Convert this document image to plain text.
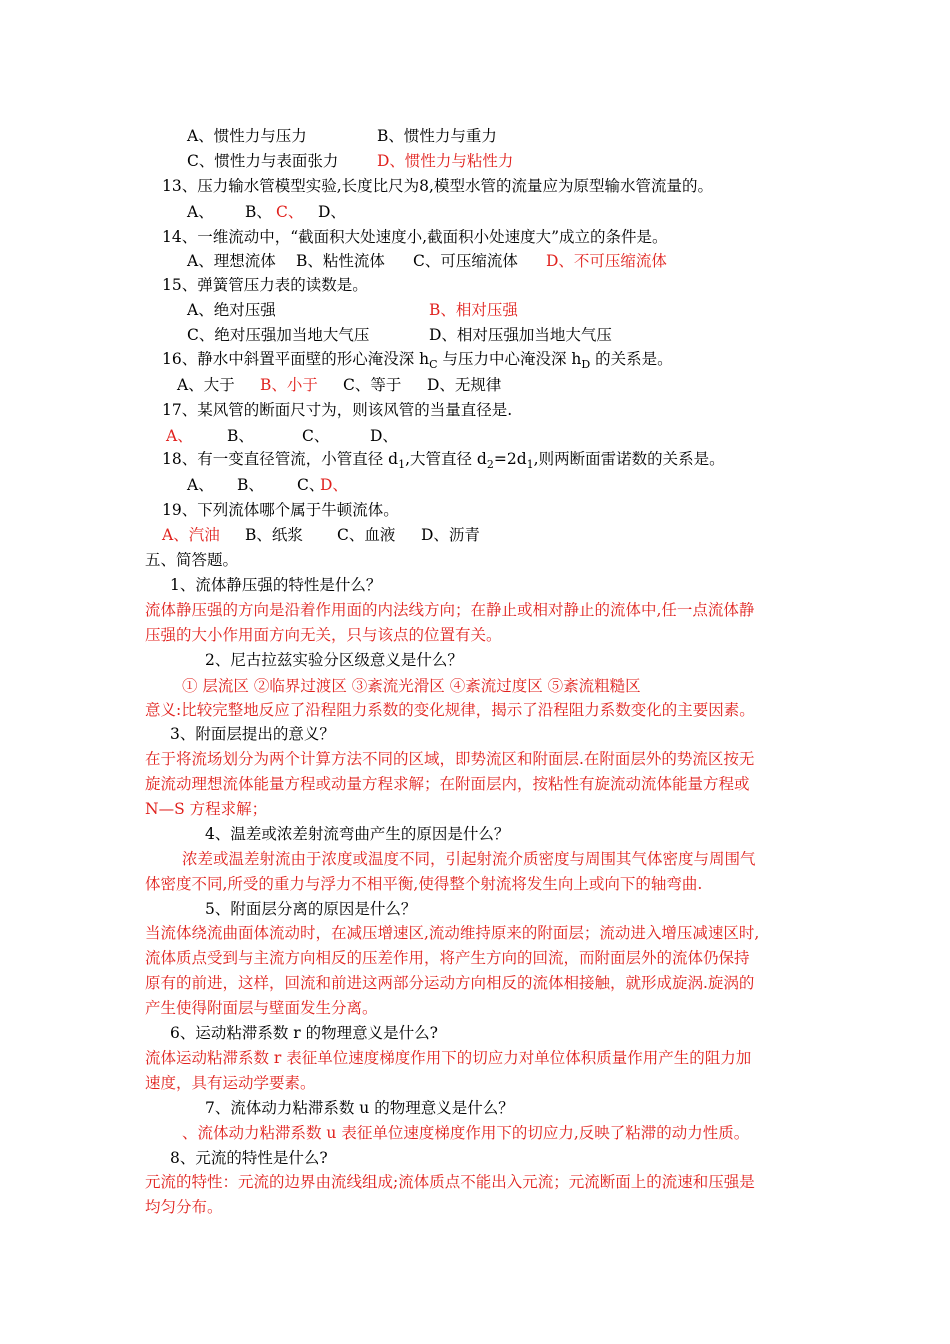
A、惯性力与压力	B、惯性力与重力
C、惯性力与表面张力 D、惯性力与粘性力
13、压力输水管模型实验,长度比尺为8,模型水管的流量应为原型输水管流量的。
A、 B、 C、 D、
14、一维流动中，“截面积大处速度小,截面积小处速度大”成立的条件是。
A、理想流体 B、粘性流体 C、可压缩流体 D、不可压缩流体
15、弹簧管压力表的读数是。
A、绝对压强	B、相对压强
C、绝对压强加当地大气压	D、相对压强加当地大气压
16、静水中斜置平面壁的形心淹没深 $h_C$ 与压力中心淹没深 $h_D$ 的关系是。
A、大于 B、小于 C、等于 D、无规律
17、某风管的断面尺寸为，则该风管的当量直径是.
A、 B、	C、	D、
18、有一变直径管流，小管直径 $d_1$,大管直径 $d_2=2d_1$,则两断面雷诺数的关系是。
A、 B、 C、
D、
19、下列流体哪个属于牛顿流体。
A、汽油 B、纸浆 C、血液 D、沥青
五、简答题。
1、流体静压强的特性是什么？
流体静压强的方向是沿着作用面的内法线方向；在静止或相对静止的流体中,任一点流体静
压强的大小作用面方向无关，只与该点的位置有关。
2、尼古拉兹实验分区级意义是什么？
① 层流区 ②临界过渡区 ③紊流光滑区 ④紊流过度区 ⑤紊流粗糙区
意义:比较完整地反应了沿程阻力系数的变化规律，揭示了沿程阻力系数变化的主要因素。
3、附面层提出的意义？
在于将流场划分为两个计算方法不同的区域，即势流区和附面层.在附面层外的势流区按无
旋流动理想流体能量方程或动量方程求解；在附面层内，按粘性有旋流动流体能量方程或
N—S 方程求解；
4、温差或浓差射流弯曲产生的原因是什么？
浓差或温差射流由于浓度或温度不同，引起射流介质密度与周围其气体密度与周围气
体密度不同,所受的重力与浮力不相平衡,使得整个射流将发生向上或向下的轴弯曲.
5、附面层分离的原因是什么？
当流体绕流曲面体流动时，在减压增速区,流动维持原来的附面层；流动进入增压减速区时,
流体质点受到与主流方向相反的压差作用，将产生方向的回流，而附面层外的流体仍保持
原有的前进，这样，回流和前进这两部分运动方向相反的流体相接触，就形成旋涡.旋涡的
产生使得附面层与壁面发生分离。
6、运动粘滞系数 r 的物理意义是什么?
流体运动粘滞系数 r 表征单位速度梯度作用下的切应力对单位体积质量作用产生的阻力加
速度，具有运动学要素。
7、流体动力粘滞系数 u 的物理意义是什么？
、流体动力粘滞系数 u 表征单位速度梯度作用下的切应力,反映了粘滞的动力性质。
8、元流的特性是什么?
元流的特性：元流的边界由流线组成;流体质点不能出入元流；元流断面上的流速和压强是
均匀分布。
